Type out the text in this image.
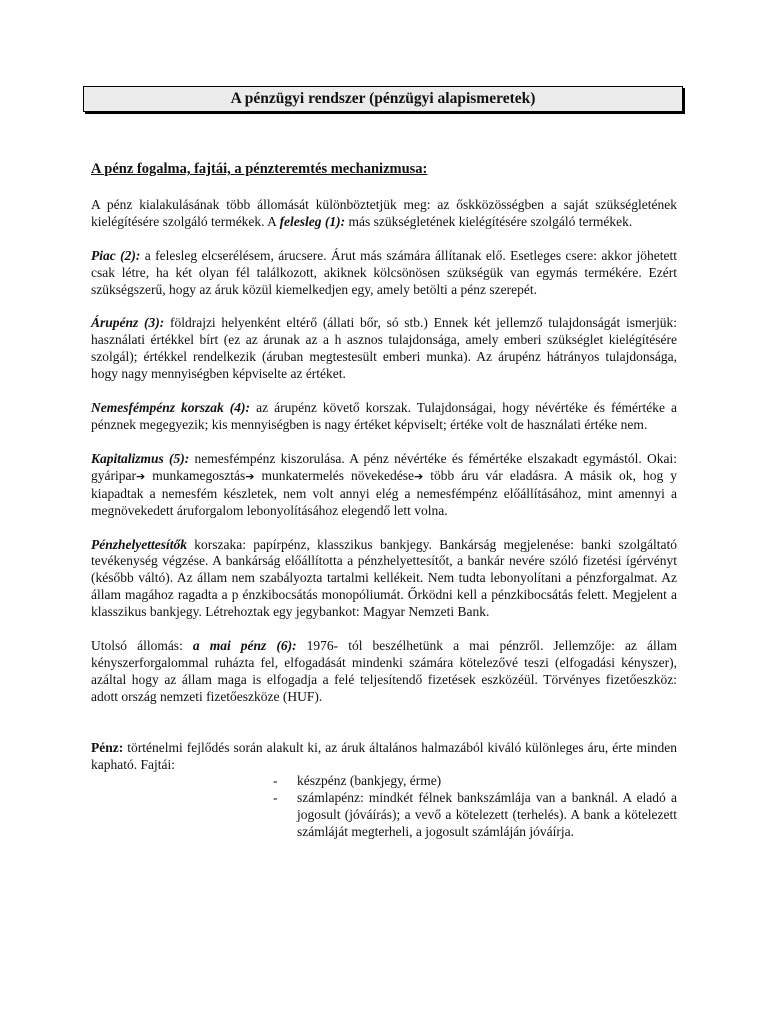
A pénzügyi rendszer (pénzügyi alapismeretek)
A pénz fogalma, fajtái, a pénzteremtés mechanizmusa:

A pénz kialakulásának több állomását különböztetjük meg: az őskközösségben a saját szükségletének kielégítésére szolgáló termékek. A felesleg (1): más szükségletének kielégítésére szolgáló termékek.

Piac (2): a felesleg elcserélésem, árucsere. Árut más számára állítanak elő. Esetleges csere: akkor jöhetett csak létre, ha két olyan fél találkozott, akiknek kölcsönösen szükségük van egymás termékére. Ezért szükségszerű, hogy az áruk közül kiemelkedjen egy, amely betölti a pénz szerepét.

Árupénz (3): földrajzi helyenként eltérő (állati bőr, só stb.) Ennek két jellemző tulajdonságát ismerjük: használati értékkel bírt (ez az árunak az a h asznos tulajdonsága, amely emberi szükséglet kielégítésére szolgál); értékkel rendelkezik (áruban megtestesült emberi munka). Az árupénz hátrányos tulajdonsága, hogy nagy mennyiségben képviselte az értéket.

Nemesfémpénz korszak (4): az árupénz követő korszak. Tulajdonságai, hogy névértéke és fémértéke a pénznek megegyezik; kis mennyiségben is nagy értéket képviselt; értéke volt de használati értéke nem.

Kapitalizmus (5): nemesfémpénz kiszorulása. A pénz névértéke és fémértéke elszakadt egymástól. Okai: gyáripar➔ munkamegosztás➔ munkatermelés növekedése➔ több áru vár eladásra. A másik ok, hog y kiapadtak a nemesfém készletek, nem volt annyi elég a nemesfémpénz előállításához, mint amennyi a megnövekedett áruforgalom lebonyolításához elegendő lett volna.

Pénzhelyettesítők korszaka: papírpénz, klasszikus bankjegy. Bankárság megjelenése: banki szolgáltató tevékenység végzése. A bankárság előállította a pénzhelyettesítőt, a bankár nevére szóló fizetési ígérvényt (később váltó). Az állam nem szabályozta tartalmi kellékeit. Nem tudta lebonyolítani a pénzforgalmat. Az állam magához ragadta a p énzkibocsátás monopóliumát. Őrködni kell a pénzkibocsátás felett. Megjelent a klasszikus bankjegy. Létrehoztak egy jegybankot: Magyar Nemzeti Bank.

Utolsó állomás: a mai pénz (6): 1976- tól beszélhetünk a mai pénzről. Jellemzője: az állam kényszerforgalommal ruházta fel, elfogadását mindenki számára kötelezővé teszi (elfogadási kényszer), azáltal hogy az állam maga is elfogadja a felé teljesítendő fizetések eszközéül. Törvényes fizetőeszköz: adott ország nemzeti fizetőeszköze (HUF).

Pénz: történelmi fejlődés során alakult ki, az áruk általános halmazából kiváló különleges áru, érte minden kapható. Fajtái:

-	készpénz (bankjegy, érme)
-	számlapénz: mindkét félnek bankszámlája van a banknál. A eladó a jogosult (jóváírás); a vevő a kötelezett (terhelés). A bank a kötelezett számláját megterheli, a jogosult számláján jóváírja.
